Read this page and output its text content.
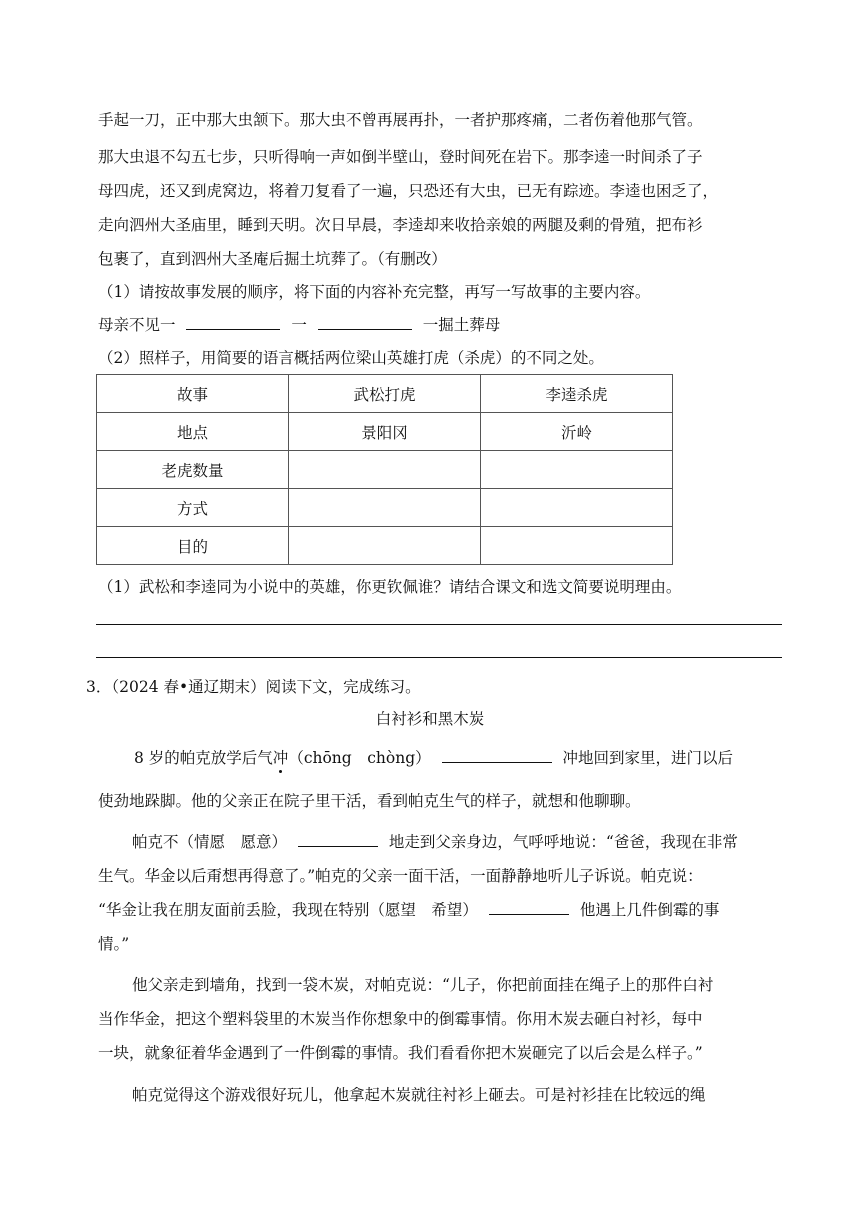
手起一刀，正中那大虫颔下。那大虫不曾再展再扑，一者护那疼痛，二者伤着他那气管。
那大虫退不勾五七步，只听得响一声如倒半壁山，登时间死在岩下。那李逵一时间杀了子
母四虎，还又到虎窝边，将着刀复看了一遍，只恐还有大虫，已无有踪迹。李逵也困乏了，
走向泗州大圣庙里，睡到天明。次日早晨，李逵却来收拾亲娘的两腿及剩的骨殖，把布衫
包裹了，直到泗州大圣庵后掘土坑葬了。（有删改）
（1）请按故事发展的顺序，将下面的内容补充完整，再写一写故事的主要内容。
母亲不见一	一	一掘土葬母
（2）照样子，用简要的语言概括两位梁山英雄打虎（杀虎）的不同之处。
故事	武松打虎	李逵杀虎
地点	景阳冈	沂岭
老虎数量		
方式		
目的		
（1）武松和李逵同为小说中的英雄，你更钦佩谁？请结合课文和选文简要说明理由。
3．（2024 春•通辽期末）阅读下文，完成练习。
白衬衫和黑木炭
8 岁的帕克放学后气冲（chōng　chòng）	冲地回到家里，进门以后
使劲地跺脚。他的父亲正在院子里干活，看到帕克生气的样子，就想和他聊聊。
帕克不（情愿　愿意）	地走到父亲身边，气呼呼地说：“爸爸，我现在非常
生气。华金以后甭想再得意了。”帕克的父亲一面干活，一面静静地听儿子诉说。帕克说：
“华金让我在朋友面前丢脸，我现在特别（愿望　希望）	他遇上几件倒霉的事
情。”
他父亲走到墙角，找到一袋木炭，对帕克说：“儿子，你把前面挂在绳子上的那件白衬
当作华金，把这个塑料袋里的木炭当作你想象中的倒霉事情。你用木炭去砸白衬衫，每中
一块，就象征着华金遇到了一件倒霉的事情。我们看看你把木炭砸完了以后会是么样子。”
帕克觉得这个游戏很好玩儿，他拿起木炭就往衬衫上砸去。可是衬衫挂在比较远的绳
